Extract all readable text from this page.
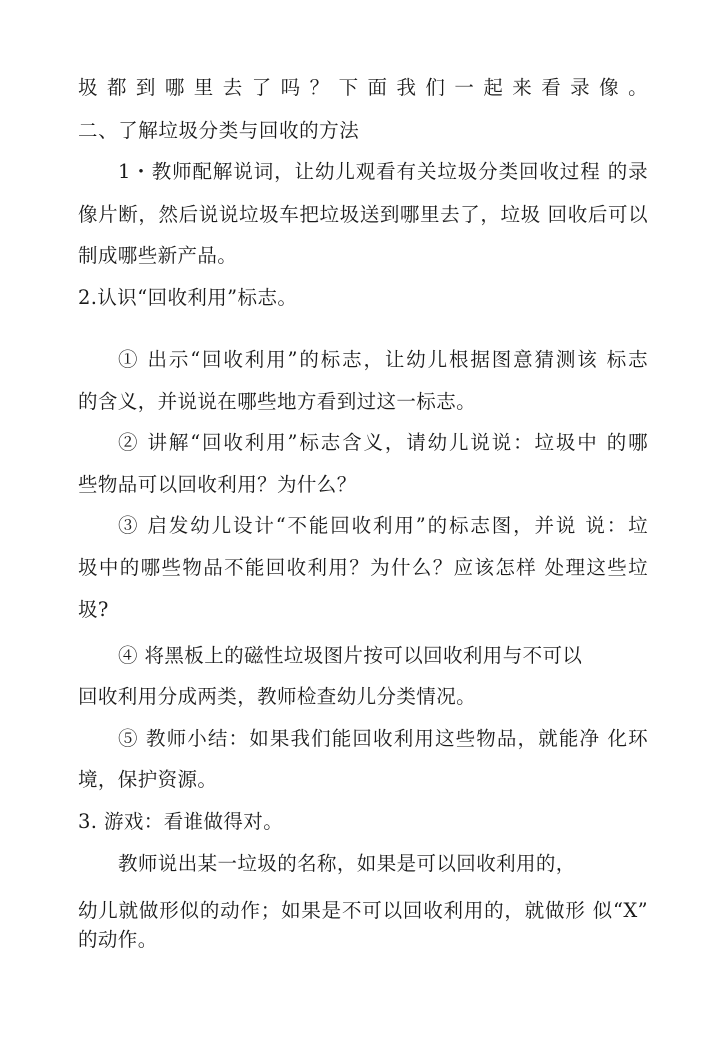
圾都到哪里去了吗？下面我们一起来看录像。
二、了解垃圾分类与回收的方法
1・教师配解说词，让幼儿观看有关垃圾分类回收过程 的录
像片断，然后说说垃圾车把垃圾送到哪里去了，垃圾 回收后可以
制成哪些新产品。
2.认识“回收利用”标志。
① 出示“回收利用”的标志，让幼儿根据图意猜测该 标志
的含义，并说说在哪些地方看到过这一标志。
② 讲解“回收利用”标志含义，请幼儿说说：垃圾中 的哪
些物品可以回收利用？为什么？
③ 启发幼儿设计“不能回收利用”的标志图，并说 说：垃
圾中的哪些物品不能回收利用？为什么？应该怎样 处理这些垃
圾?
④ 将黑板上的磁性垃圾图片按可以回收利用与不可以
回收利用分成两类，教师检查幼儿分类情况。
⑤ 教师小结：如果我们能回收利用这些物品，就能净 化环
境，保护资源。
3. 游戏：看谁做得对。
教师说出某一垃圾的名称，如果是可以回收利用的，
幼儿就做形似的动作；如果是不可以回收利用的，就做形 似“X”
的动作。
